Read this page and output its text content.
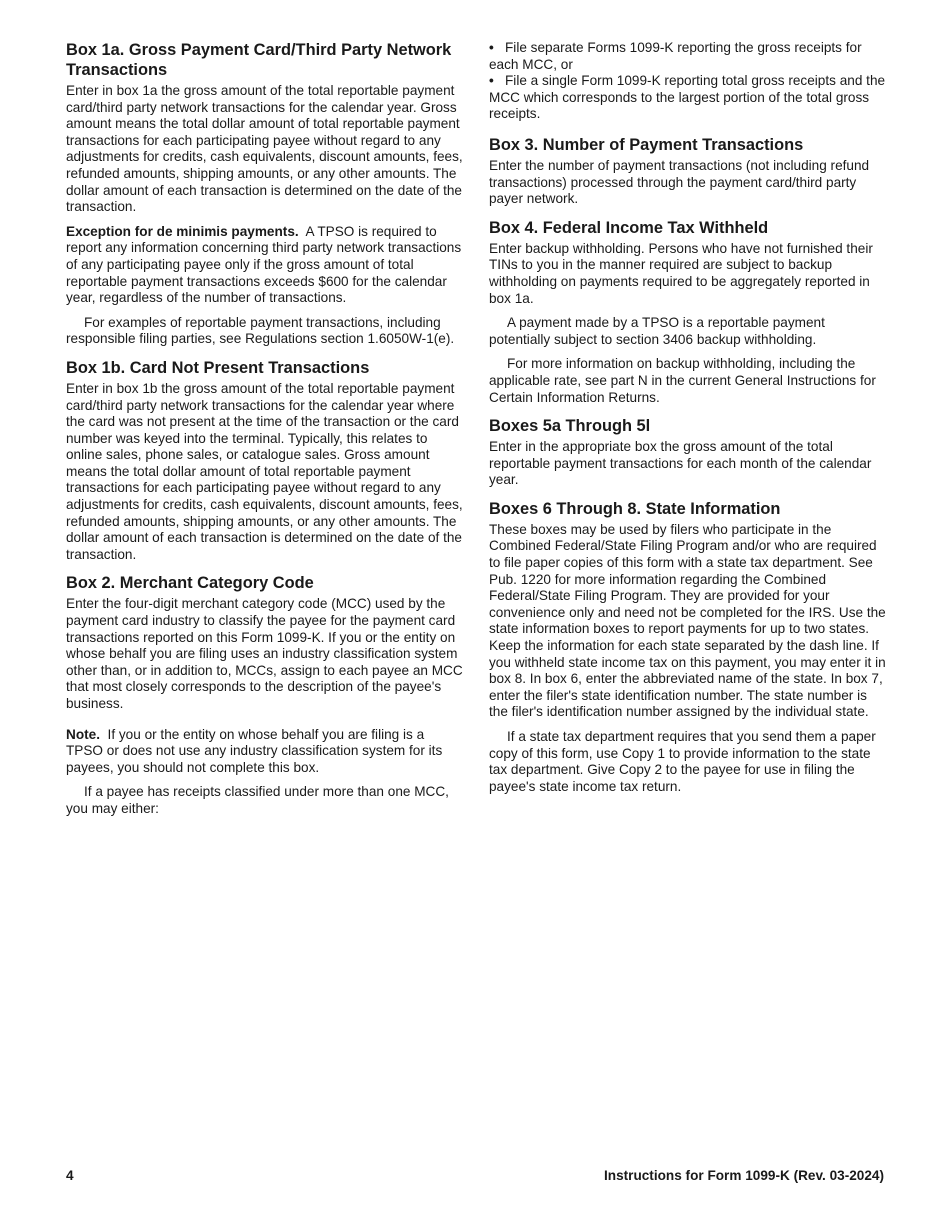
Box 1a. Gross Payment Card/Third Party Network Transactions

Enter in box 1a the gross amount of the total reportable payment card/third party network transactions for the calendar year. Gross amount means the total dollar amount of total reportable payment transactions for each participating payee without regard to any adjustments for credits, cash equivalents, discount amounts, fees, refunded amounts, shipping amounts, or any other amounts. The dollar amount of each transaction is determined on the date of the transaction.

Exception for de minimis payments. A TPSO is required to report any information concerning third party network transactions of any participating payee only if the gross amount of total reportable payment transactions exceeds $600 for the calendar year, regardless of the number of transactions.

For examples of reportable payment transactions, including responsible filing parties, see Regulations section 1.6050W-1(e).

Box 1b. Card Not Present Transactions

Enter in box 1b the gross amount of the total reportable payment card/third party network transactions for the calendar year where the card was not present at the time of the transaction or the card number was keyed into the terminal. Typically, this relates to online sales, phone sales, or catalogue sales. Gross amount means the total dollar amount of total reportable payment transactions for each participating payee without regard to any adjustments for credits, cash equivalents, discount amounts, fees, refunded amounts, shipping amounts, or any other amounts. The dollar amount of each transaction is determined on the date of the transaction.

Box 2. Merchant Category Code

Enter the four-digit merchant category code (MCC) used by the payment card industry to classify the payee for the payment card transactions reported on this Form 1099-K. If you or the entity on whose behalf you are filing uses an industry classification system other than, or in addition to, MCCs, assign to each payee an MCC that most closely corresponds to the description of the payee's business.

Note. If you or the entity on whose behalf you are filing is a TPSO or does not use any industry classification system for its payees, you should not complete this box.

If a payee has receipts classified under more than one MCC, you may either:

• File separate Forms 1099-K reporting the gross receipts for each MCC, or

• File a single Form 1099-K reporting total gross receipts and the MCC which corresponds to the largest portion of the total gross receipts.

Box 3. Number of Payment Transactions

Enter the number of payment transactions (not including refund transactions) processed through the payment card/third party payer network.

Box 4. Federal Income Tax Withheld

Enter backup withholding. Persons who have not furnished their TINs to you in the manner required are subject to backup withholding on payments required to be aggregately reported in box 1a.

A payment made by a TPSO is a reportable payment potentially subject to section 3406 backup withholding.

For more information on backup withholding, including the applicable rate, see part N in the current General Instructions for Certain Information Returns.

Boxes 5a Through 5l

Enter in the appropriate box the gross amount of the total reportable payment transactions for each month of the calendar year.

Boxes 6 Through 8. State Information

These boxes may be used by filers who participate in the Combined Federal/State Filing Program and/or who are required to file paper copies of this form with a state tax department. See Pub. 1220 for more information regarding the Combined Federal/State Filing Program. They are provided for your convenience only and need not be completed for the IRS. Use the state information boxes to report payments for up to two states. Keep the information for each state separated by the dash line. If you withheld state income tax on this payment, you may enter it in box 8. In box 6, enter the abbreviated name of the state. In box 7, enter the filer's state identification number. The state number is the filer's identification number assigned by the individual state.

If a state tax department requires that you send them a paper copy of this form, use Copy 1 to provide information to the state tax department. Give Copy 2 to the payee for use in filing the payee's state income tax return.

4	Instructions for Form 1099-K (Rev. 03-2024)
